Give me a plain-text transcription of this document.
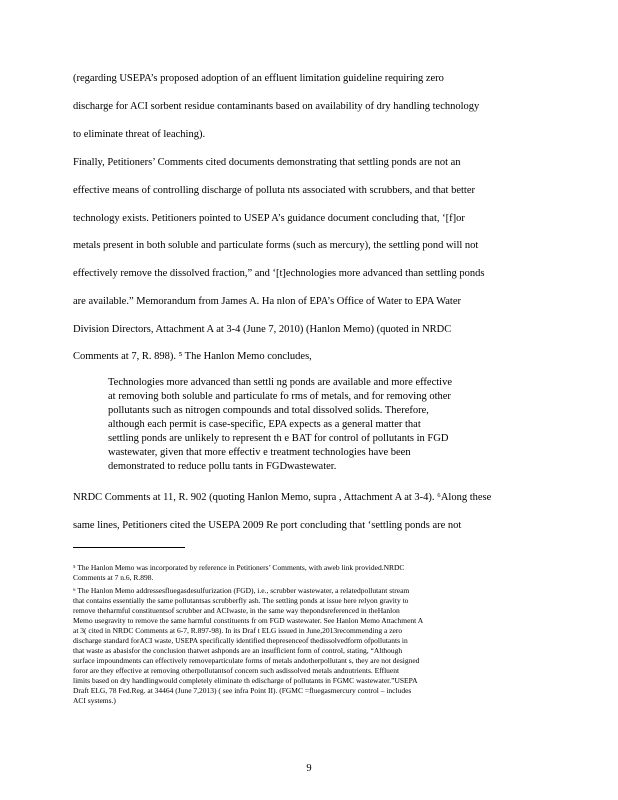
(regarding USEPA’s proposed adoption of an effluent limitation guideline requiring zero
discharge for ACI sorbent residue contaminants based on availability of dry handling technology
to eliminate threat of leaching).
Finally, Petitioners’ Comments cited documents demonstrating that settling ponds are not an
effective means of controlling discharge of polluta nts associated with scrubbers, and that better
technology exists. Petitioners pointed to USEP A’s guidance document concluding that, ‘[f]or
metals present in both soluble and particulate forms (such as mercury), the settling pond will not
effectively remove the dissolved fraction,” and ‘[t]echnologies more advanced than settling ponds
are available.” Memorandum from James A. Ha nlon of EPA’s Office of Water to EPA Water
Division Directors, Attachment A at 3-4 (June 7, 2010) (Hanlon Memo) (quoted in NRDC
Comments at 7, R. 898). ⁵ The Hanlon Memo concludes,
Technologies more advanced than settli ng ponds are available and more effective
at removing both soluble and particulate fo rms of metals, and for removing other
pollutants such as nitrogen compounds and total dissolved solids. Therefore,
although each permit is case-specific, EPA expects as a general matter that
settling ponds are unlikely to represent th e BAT for control of pollutants in FGD
wastewater, given that more effectiv e treatment technologies have been
demonstrated to reduce pollu tants in FGDwastewater.
NRDC Comments at 11, R. 902 (quoting Hanlon Memo, supra , Attachment A at 3-4). ⁶Along these
same lines, Petitioners cited the USEPA 2009 Re port concluding that ‘settling ponds are not
⁵ The Hanlon Memo was incorporated by reference in Petitioners’ Comments, with aweb link provided.NRDC
Comments at 7 n.6, R.898.
⁶ The Hanlon Memo addressesfluegasdesulfurization (FGD), i.e., scrubber wastewater, a relatedpollutant stream
that contains essentially the same pollutantsas scrubberfly ash. The settling ponds at issue here relyon gravity to
remove theharmful constituentsof scrubber and ACIwaste, in the same way thepondsreferenced in theHanlon
Memo usegravity to remove the same harmful constituents fr om FGD wastewater. See Hanlon Memo Attachment A
at 3( cited in NRDC Comments at 6-7, R.897-98). In its Draf t ELG issued in June,2013recommending a zero
discharge standard forACI waste, USEPA specifically identified thepresenceof thedissolvedform ofpollutants in
that waste as abasisfor the conclusion thatwet ashponds are an insufficient form of control, stating, “Although
surface impoundments can effectively removeparticulate forms of metals andotherpollutant s, they are not designed
foror are they effective at removing otherpollutantsof concern such asdissolved metals andnutrients. Effluent
limits based on dry handlingwould completely eliminate th edischarge of pollutants in FGMC wastewater.”USEPA
Draft ELG, 78 Fed.Reg. at 34464 (June 7,2013) ( see infra Point II). (FGMC =fluegasmercury control – includes
ACI systems.)
9
